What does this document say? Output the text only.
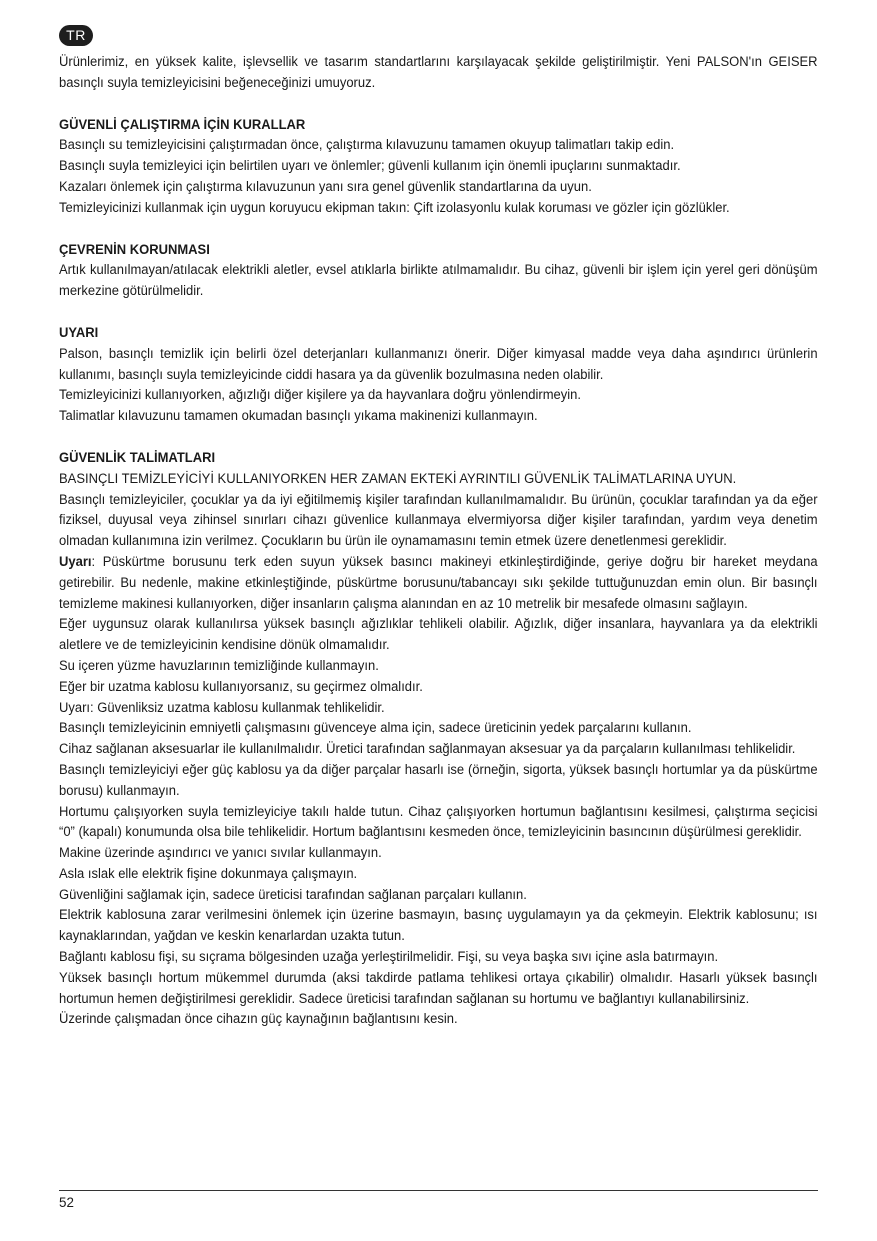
TR

Ürünlerimiz, en yüksek kalite, işlevsellik ve tasarım standartlarını karşılayacak şekilde geliştirilmiştir. Yeni PALSON'ın GEISER basınçlı suyla temizleyicisini beğeneceğinizi umuyoruz.

GÜVENLİ ÇALIŞTIRMA İÇİN KURALLAR

Basınçlı su temizleyicisini çalıştırmadan önce, çalıştırma kılavuzunu tamamen okuyup talimatları takip edin.

Basınçlı suyla temizleyici için belirtilen uyarı ve önlemler; güvenli kullanım için önemli ipuçlarını sunmaktadır.

Kazaları önlemek için çalıştırma kılavuzunun yanı sıra genel güvenlik standartlarına da uyun.

Temizleyicinizi kullanmak için uygun koruyucu ekipman takın: Çift izolasyonlu kulak koruması ve gözler için gözlükler.

ÇEVRENİN KORUNMASI

Artık kullanılmayan/atılacak elektrikli aletler, evsel atıklarla birlikte atılmamalıdır. Bu cihaz, güvenli bir işlem için yerel geri dönüşüm merkezine götürülmelidir.

UYARI

Palson, basınçlı temizlik için belirli özel deterjanları kullanmanızı önerir. Diğer kimyasal madde veya daha aşındırıcı ürünlerin kullanımı, basınçlı suyla temizleyicinde ciddi hasara ya da güvenlik bozulmasına neden olabilir.

Temizleyicinizi kullanıyorken, ağızlığı diğer kişilere ya da hayvanlara doğru yönlendirmeyin.

Talimatlar kılavuzunu tamamen okumadan basınçlı yıkama makinenizi kullanmayın.

GÜVENLİK TALİMATLARI

BASINÇLI TEMİZLEYİCİYİ KULLANIYORKEN HER ZAMAN EKTEKİ AYRINTILI GÜVENLİK TALİMATLARINA UYUN.

Basınçlı temizleyiciler, çocuklar ya da iyi eğitilmemiş kişiler tarafından kullanılmamalıdır. Bu ürünün, çocuklar tarafından ya da eğer fiziksel, duyusal veya zihinsel sınırları cihazı güvenlice kullanmaya elvermiyorsa diğer kişiler tarafından, yardım veya denetim olmadan kullanımına izin verilmez. Çocukların bu ürün ile oynamamasını temin etmek üzere denetlenmesi gereklidir.

Uyarı: Püskürtme borusunu terk eden suyun yüksek basıncı makineyi etkinleştirdiğinde, geriye doğru bir hareket meydana getirebilir. Bu nedenle, makine etkinleştiğinde, püskürtme borusunu/tabancayı sıkı şekilde tuttuğunuzdan emin olun. Bir basınçlı temizleme makinesi kullanıyorken, diğer insanların çalışma alanından en az 10 metrelik bir mesafede olmasını sağlayın.

Eğer uygunsuz olarak kullanılırsa yüksek basınçlı ağızlıklar tehlikeli olabilir. Ağızlık, diğer insanlara, hayvanlara ya da elektrikli aletlere ve de temizleyicinin kendisine dönük olmamalıdır.

Su içeren yüzme havuzlarının temizliğinde kullanmayın.

Eğer bir uzatma kablosu kullanıyorsanız, su geçirmez olmalıdır.

Uyarı: Güvenliksiz uzatma kablosu kullanmak tehlikelidir.

Basınçlı temizleyicinin emniyetli çalışmasını güvenceye alma için, sadece üreticinin yedek parçalarını kullanın.

Cihaz sağlanan aksesuarlar ile kullanılmalıdır. Üretici tarafından sağlanmayan aksesuar ya da parçaların kullanılması tehlikelidir.

Basınçlı temizleyiciyi eğer güç kablosu ya da diğer parçalar hasarlı ise (örneğin, sigorta, yüksek basınçlı hortumlar ya da püskürtme borusu) kullanmayın.

Hortumu çalışıyorken suyla temizleyiciye takılı halde tutun. Cihaz çalışıyorken hortumun bağlantısını kesilmesi, çalıştırma seçicisi “0” (kapalı) konumunda olsa bile tehlikelidir. Hortum bağlantısını kesmeden önce, temizleyicinin basıncının düşürülmesi gereklidir.

Makine üzerinde aşındırıcı ve yanıcı sıvılar kullanmayın.

Asla ıslak elle elektrik fişine dokunmaya çalışmayın.

Güvenliğini sağlamak için, sadece üreticisi tarafından sağlanan parçaları kullanın.

Elektrik kablosuna zarar verilmesini önlemek için üzerine basmayın, basınç uygulamayın ya da çekmeyin. Elektrik kablosunu; ısı kaynaklarından, yağdan ve keskin kenarlardan uzakta tutun.

Bağlantı kablosu fişi, su sıçrama bölgesinden uzağa yerleştirilmelidir. Fişi, su veya başka sıvı içine asla batırmayın.

Yüksek basınçlı hortum mükemmel durumda (aksi takdirde patlama tehlikesi ortaya çıkabilir) olmalıdır. Hasarlı yüksek basınçlı hortumun hemen değiştirilmesi gereklidir. Sadece üreticisi tarafından sağlanan su hortumu ve bağlantıyı kullanabilirsiniz.

Üzerinde çalışmadan önce cihazın güç kaynağının bağlantısını kesin.

52
